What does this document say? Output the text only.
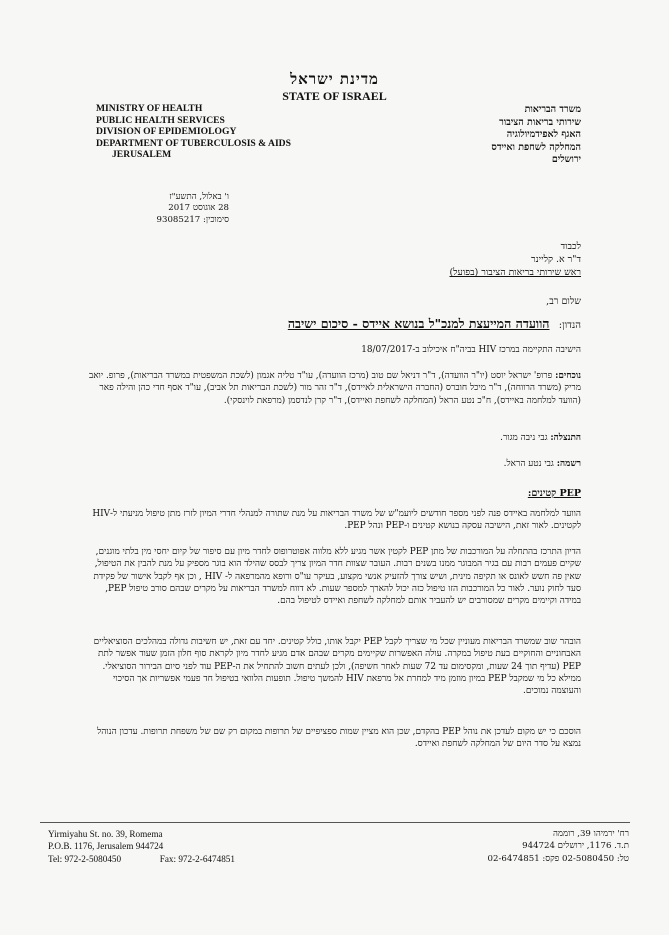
מדינת ישראל
STATE OF ISRAEL
MINISTRY OF HEALTH
PUBLIC HEALTH SERVICES
DIVISION OF EPIDEMIOLOGY
DEPARTMENT OF TUBERCULOSIS & AIDS
JERUSALEM
משרד הבריאות
שירותי בריאות הציבור
האגף לאפידמיולוגיה
המחלקה לשחפת ואיידס
ירושלים
ו' באלול, התשע"ז
28 אוגוסט 2017
סימוכין: 93085217
לכבוד
ד"ר א. קליינר
ראש שירותי בריאות הציבור (בפועל)
שלום רב,
הנדון: הוועדה המייעצת למנכ"ל בנושא איידס - סיכום ישיבה
הישיבה התקיימה במרכז HIV בביה"ח איכילוב ב-18/07/2017
נוכחים: פרופ' ישראל יוסט (יו"ר הוועדה), ד"ר דניאל שם טוב (מרכז הוועדה), עו"ד טליה אגמון (לשכת המשפטית במשרד הבריאות), פרופ. יואב מריק (משרד הרווחה), ד"ר מיכל חוברס (החברה הישראלית לאיידס), ד"ר זהר מור (לשכת הבריאות תל אביב), עו"ד אסף חדי כהן והילה פאר (הוועד למלחמה באיידס), ח"כ נטע הראל (המחלקה לשחפת ואיידס), ד"ר קרן לנדסמן (מרפאת לוינסקי).
התנצלה: גבי ניבה מגור.
רשמה: גבי נטע הראל.
PEP קטינים:
הוועד למלחמה באיידס פנה לפני מספר חודשים ליועמ"ש של משרד הבריאות על מנת שתורה למנהלי חדרי המיון לזרז מתן טיפול מניעתי ל-HIV לקטינים. לאור זאת, הישיבה עסקה בנושא קטינים ו-PEP ונהל PEP.
הדיון התרכז בהתחלה על המורכבות של מתן PEP לקטין אשר מגיע ללא מלווה אפוטרופוס לחדר מיון עם סיפור של קיום יחסי מין בלתי מוגנים, שקיים פעמים רבות עם בגיר המבוגר ממנו בשנים רבות. העובר שצוות חדר המיון צריך לבסס שהילד הוא בוגר מספיק על מנת להבין את הטיפול, שאין פה חשש לאונס או תקיפה מינית, ושיש צורך להזעיק אנשי מקצוע, בעיקר עו"ס ורופא מהמרפאה ל- HIV , וכן אף לקבל אישור של פקידת סעד לחוק נוער. לאור כל המורכבות הזו טיפול כזה יכול להארך למספר שעות. לא דווח למשרד הבריאות על מקרים שבהם סורב טיפול PEP, במידה וקיימים מקרים שמסורבים יש להעביר אותם למחלקה לשחפת ואיידס לטיפול בהם.
הובהר שוב שמשרד הבריאות מעוניין שכל מי שצריך לקבל PEP יקבל אותו, כולל קטינים. יחד עם זאת, יש חשיבות גדולה במהלכים הסוציאליים האבחוניים והחוקיים בעת טיפול במקרה. עולה האפשרות שקיימים מקרים שבהם אדם מגיע לחדר מיון לקראת סוף חלון הזמן שעוד אפשר לתת PEP (עדיף תוך 24 שעות, ומקסימום עד 72 שעות לאחר חשיפה), ולכן לעתים חשוב להתחיל את ה-PEP עוד לפני סיום הבירור הסוציאלי. ממילא כל מי שמקבל PEP במיון מוזמן מיד למחרת אל מרפאת HIV להמשך טיפול. תופעות הלוואי בטיפול חד פעמי אפשריות אך הסיכוי והעוצמה נמוכים.
הוסכם כי יש מקום לעדכן את נוהל PEP בהקדם, שכן הוא מציין שמות ספציפיים של תרופות במקום רק שם של משפחת תרופות. עדכון הנוהל נמצא על סדר היום של המחלקה לשחפת ואיידס.
Yirmiyahu St. no. 39, Romema
P.O.B. 1176, Jerusalem 944724
Tel: 972-2-5080450	Fax: 972-2-6474851
רח' ירמיהו 39, רוממה
ת.ד. 1176, ירושלים 944724
טל: 02-5080450 פקס: 02-6474851
